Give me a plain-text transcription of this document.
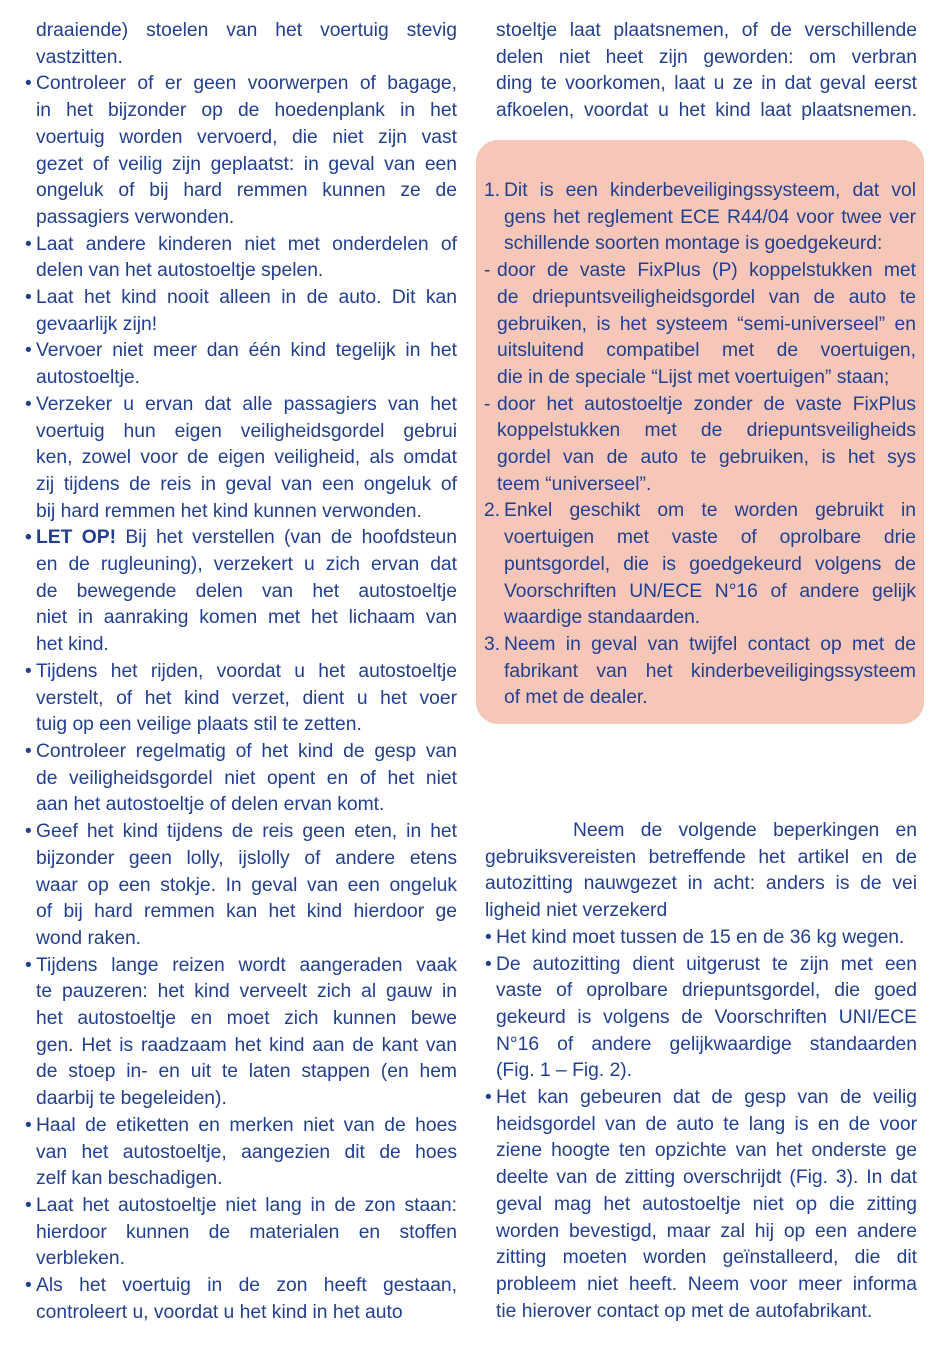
draaiende) stoelen van het voertuig stevig
vastzitten.
• Controleer of er geen voorwerpen of bagage,
in het bijzonder op de hoedenplank in het
voertuig worden vervoerd, die niet zijn vast
gezet of veilig zijn geplaatst: in geval van een
ongeluk of bij hard remmen kunnen ze de
passagiers verwonden.
• Laat andere kinderen niet met onderdelen of
delen van het autostoeltje spelen.
• Laat het kind nooit alleen in de auto. Dit kan
gevaarlijk zijn!
• Vervoer niet meer dan één kind tegelijk in het
autostoeltje.
• Verzeker u ervan dat alle passagiers van het
voertuig hun eigen veiligheidsgordel gebrui
ken, zowel voor de eigen veiligheid, als omdat
zij tijdens de reis in geval van een ongeluk of
bij hard remmen het kind kunnen verwonden.
• LET OP! Bij het verstellen (van de hoofdsteun
en de rugleuning), verzekert u zich ervan dat
de bewegende delen van het autostoeltje
niet in aanraking komen met het lichaam van
het kind.
• Tijdens het rijden, voordat u het autostoeltje
verstelt, of het kind verzet, dient u het voer
tuig op een veilige plaats stil te zetten.
• Controleer regelmatig of het kind de gesp van
de veiligheidsgordel niet opent en of het niet
aan het autostoeltje of delen ervan komt.
• Geef het kind tijdens de reis geen eten, in het
bijzonder geen lolly, ijslolly of andere etens
waar op een stokje. In geval van een ongeluk
of bij hard remmen kan het kind hierdoor ge
wond raken.
• Tijdens lange reizen wordt aangeraden vaak
te pauzeren: het kind verveelt zich al gauw in
het autostoeltje en moet zich kunnen bewe
gen. Het is raadzaam het kind aan de kant van
de stoep in- en uit te laten stappen (en hem
daarbij te begeleiden).
• Haal de etiketten en merken niet van de hoes
van het autostoeltje, aangezien dit de hoes
zelf kan beschadigen.
• Laat het autostoeltje niet lang in de zon staan:
hierdoor kunnen de materialen en stoffen
verbleken.
• Als het voertuig in de zon heeft gestaan,
controleert u, voordat u het kind in het auto
stoeltje laat plaatsnemen, of de verschillende
delen niet heet zijn geworden: om verbran
ding te voorkomen, laat u ze in dat geval eerst
afkoelen, voordat u het kind laat plaatsnemen.
1. Dit is een kinderbeveiligingssysteem, dat vol
gens het reglement ECE R44/04 voor twee ver
schillende soorten montage is goedgekeurd:
- door de vaste FixPlus (P) koppelstukken met
de driepuntsveiligheidsgordel van de auto te
gebruiken, is het systeem “semi-universeel” en
uitsluitend compatibel met de voertuigen,
die in de speciale “Lijst met voertuigen” staan;
- door het autostoeltje zonder de vaste FixPlus
koppelstukken met de driepuntsveiligheids
gordel van de auto te gebruiken, is het sys
teem “universeel”.
2. Enkel geschikt om te worden gebruikt in
voertuigen met vaste of oprolbare drie
puntsgordel, die is goedgekeurd volgens de
Voorschriften UN/ECE N°16 of andere gelijk
waardige standaarden.
3. Neem in geval van twijfel contact op met de
fabrikant van het kinderbeveiligingssysteem
of met de dealer.
Neem de volgende beperkingen en
gebruiksvereisten betreffende het artikel en de
autozitting nauwgezet in acht: anders is de vei
ligheid niet verzekerd
• Het kind moet tussen de 15 en de 36 kg wegen.
• De autozitting dient uitgerust te zijn met een
vaste of oprolbare driepuntsgordel, die goed
gekeurd is volgens de Voorschriften UNI/ECE
N°16 of andere gelijkwaardige standaarden
(Fig. 1 – Fig. 2).
• Het kan gebeuren dat de gesp van de veilig
heidsgordel van de auto te lang is en de voor
ziene hoogte ten opzichte van het onderste ge
deelte van de zitting overschrijdt (Fig. 3). In dat
geval mag het autostoeltje niet op die zitting
worden bevestigd, maar zal hij op een andere
zitting moeten worden geïnstalleerd, die dit
probleem niet heeft. Neem voor meer informa
tie hierover contact op met de autofabrikant.
